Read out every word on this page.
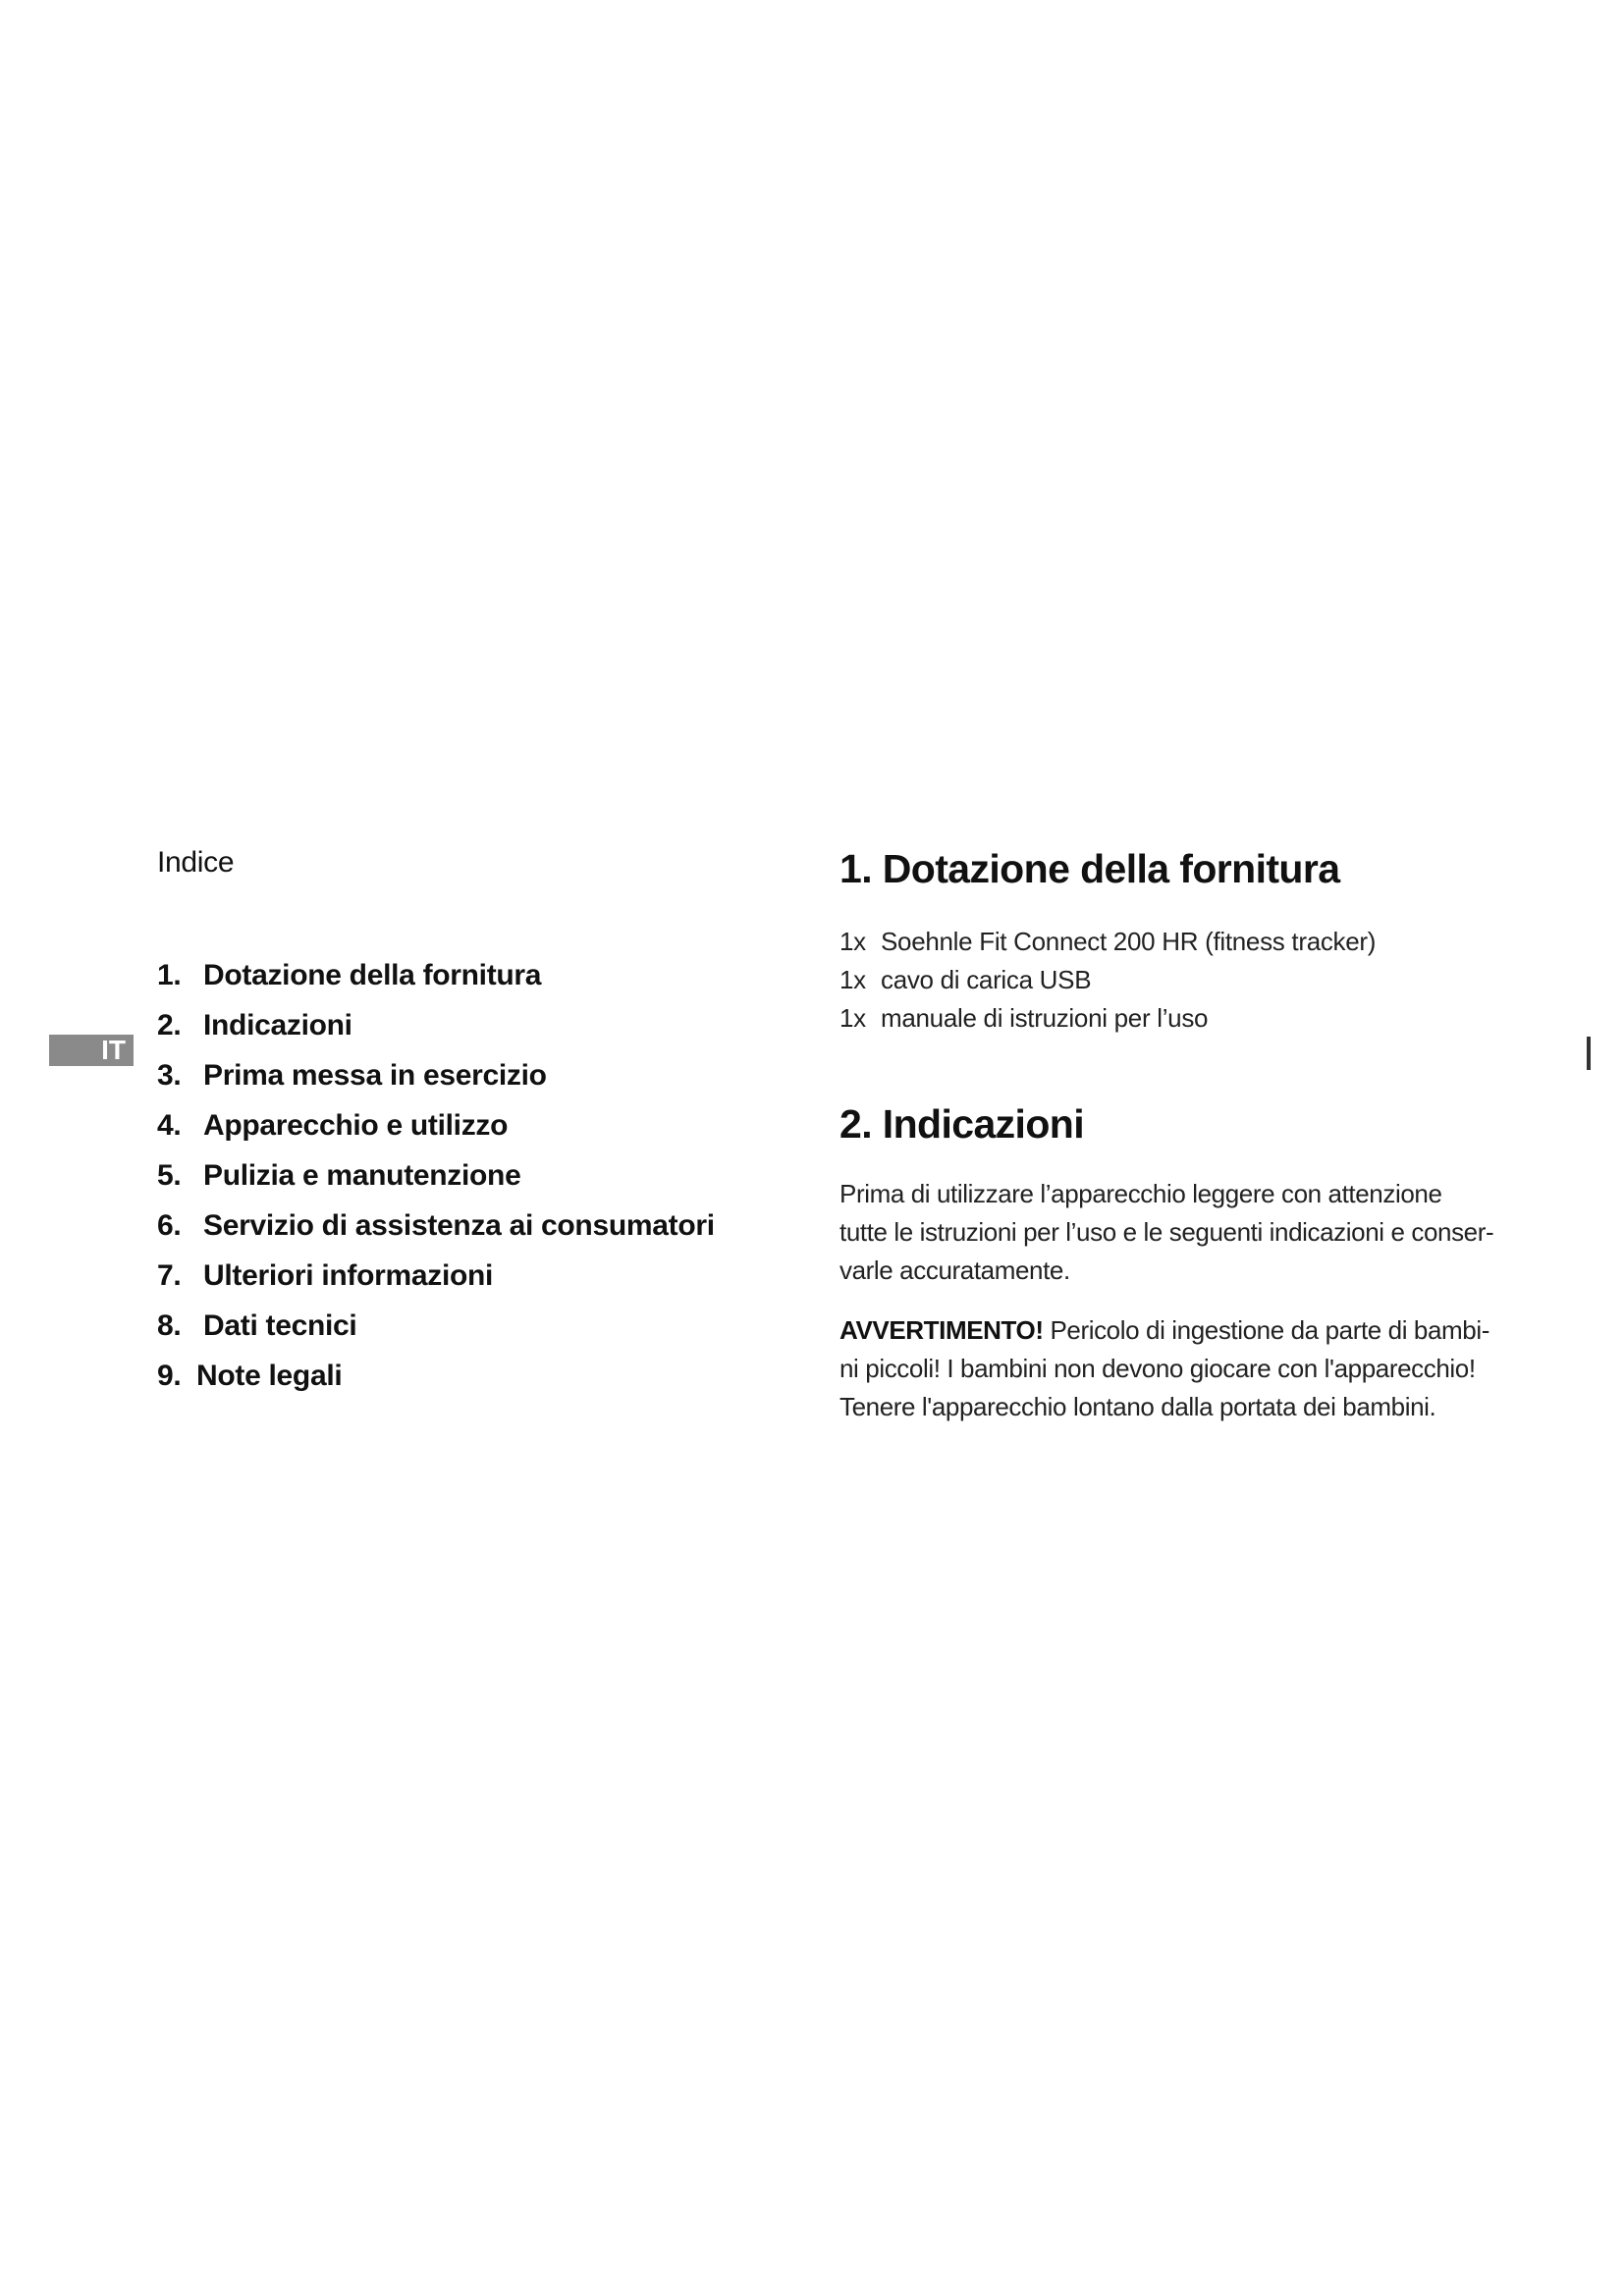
IT
Indice
1. Dotazione della fornitura
2. Indicazioni
3. Prima messa in esercizio
4. Apparecchio e utilizzo
5. Pulizia e manutenzione
6. Servizio di assistenza ai consumatori
7. Ulteriori informazioni
8. Dati tecnici
9. Note legali
1. Dotazione della fornitura
1x Soehnle Fit Connect 200 HR (fitness tracker)
1x cavo di carica USB
1x manuale di istruzioni per l’uso
2. Indicazioni

Prima di utilizzare l’apparecchio leggere con attenzione
tutte le istruzioni per l’uso e le seguenti indicazioni e conser-
varle accuratamente.

AVVERTIMENTO! Pericolo di ingestione da parte di bambi-
ni piccoli! I bambini non devono giocare con l'apparecchio!
Tenere l'apparecchio lontano dalla portata dei bambini.
